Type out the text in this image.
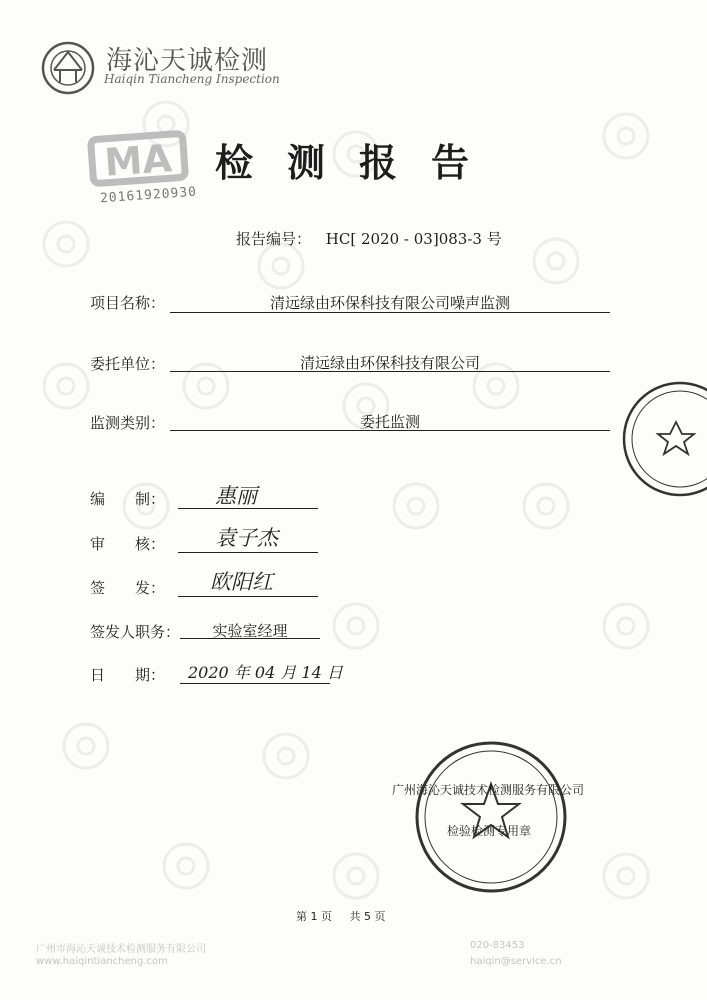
海沁天诚检测
Haiqin Tiancheng Inspection
MA
20161920930
检测报告
报告编号： HC[ 2020 - 03]083-3 号
项目名称：	清远绿由环保科技有限公司噪声监测
委托单位：	清远绿由环保科技有限公司
监测类别：	委托监测
编　　制： 惠丽
审　　核： 袁子杰
签　　发： 欧阳红
签发人职务：	实验室经理
日　　期： 2020 年 04 月 14 日
广州海沁天诚技术检测服务有限公司
检验检测专用章
第 1 页 共 5 页
广州市海沁天诚技术检测服务有限公司
www.haiqintiancheng.com
020-83453
haiqin@service.cn
